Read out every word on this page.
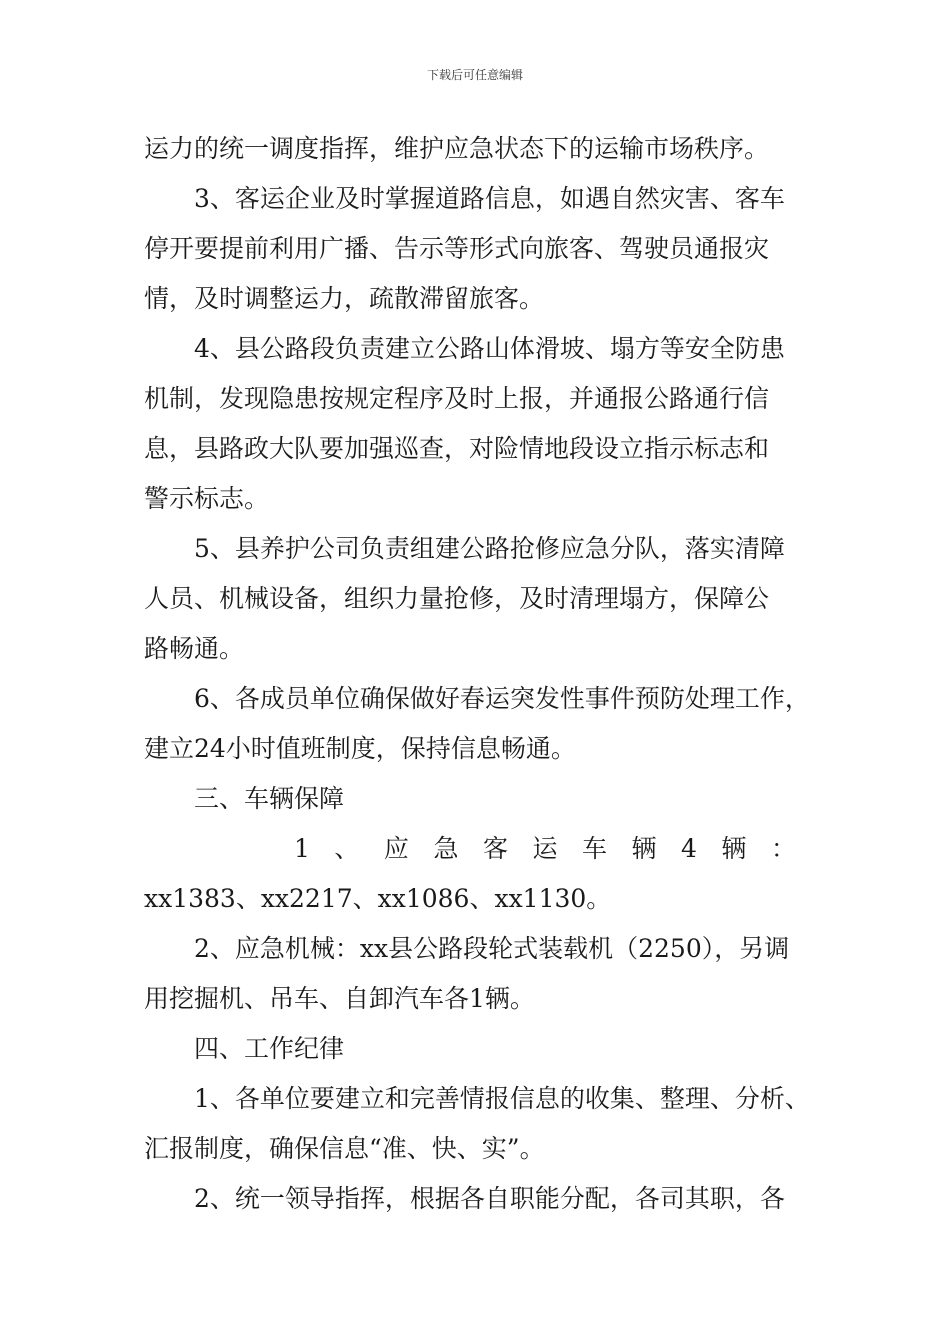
下载后可任意编辑
运力的统一调度指挥，维护应急状态下的运输市场秩序。
3、客运企业及时掌握道路信息，如遇自然灾害、客车
停开要提前利用广播、告示等形式向旅客、驾驶员通报灾
情，及时调整运力，疏散滞留旅客。
4、县公路段负责建立公路山体滑坡、塌方等安全防患
机制，发现隐患按规定程序及时上报，并通报公路通行信
息，县路政大队要加强巡查，对险情地段设立指示标志和
警示标志。
5、县养护公司负责组建公路抢修应急分队，落实清障
人员、机械设备，组织力量抢修，及时清理塌方，保障公
路畅通。
6、各成员单位确保做好春运突发性事件预防处理工作，
建立24小时值班制度，保持信息畅通。
三、车辆保障
1 、 应 急 客 运 车 辆 4 辆 ：
xx1383、xx2217、xx1086、xx1130。
2、应急机械：xx县公路段轮式装载机（2250），另调
用挖掘机、吊车、自卸汽车各1辆。
四、工作纪律
1、各单位要建立和完善情报信息的收集、整理、分析、
汇报制度，确保信息“准、快、实”。
2、统一领导指挥，根据各自职能分配，各司其职，各
